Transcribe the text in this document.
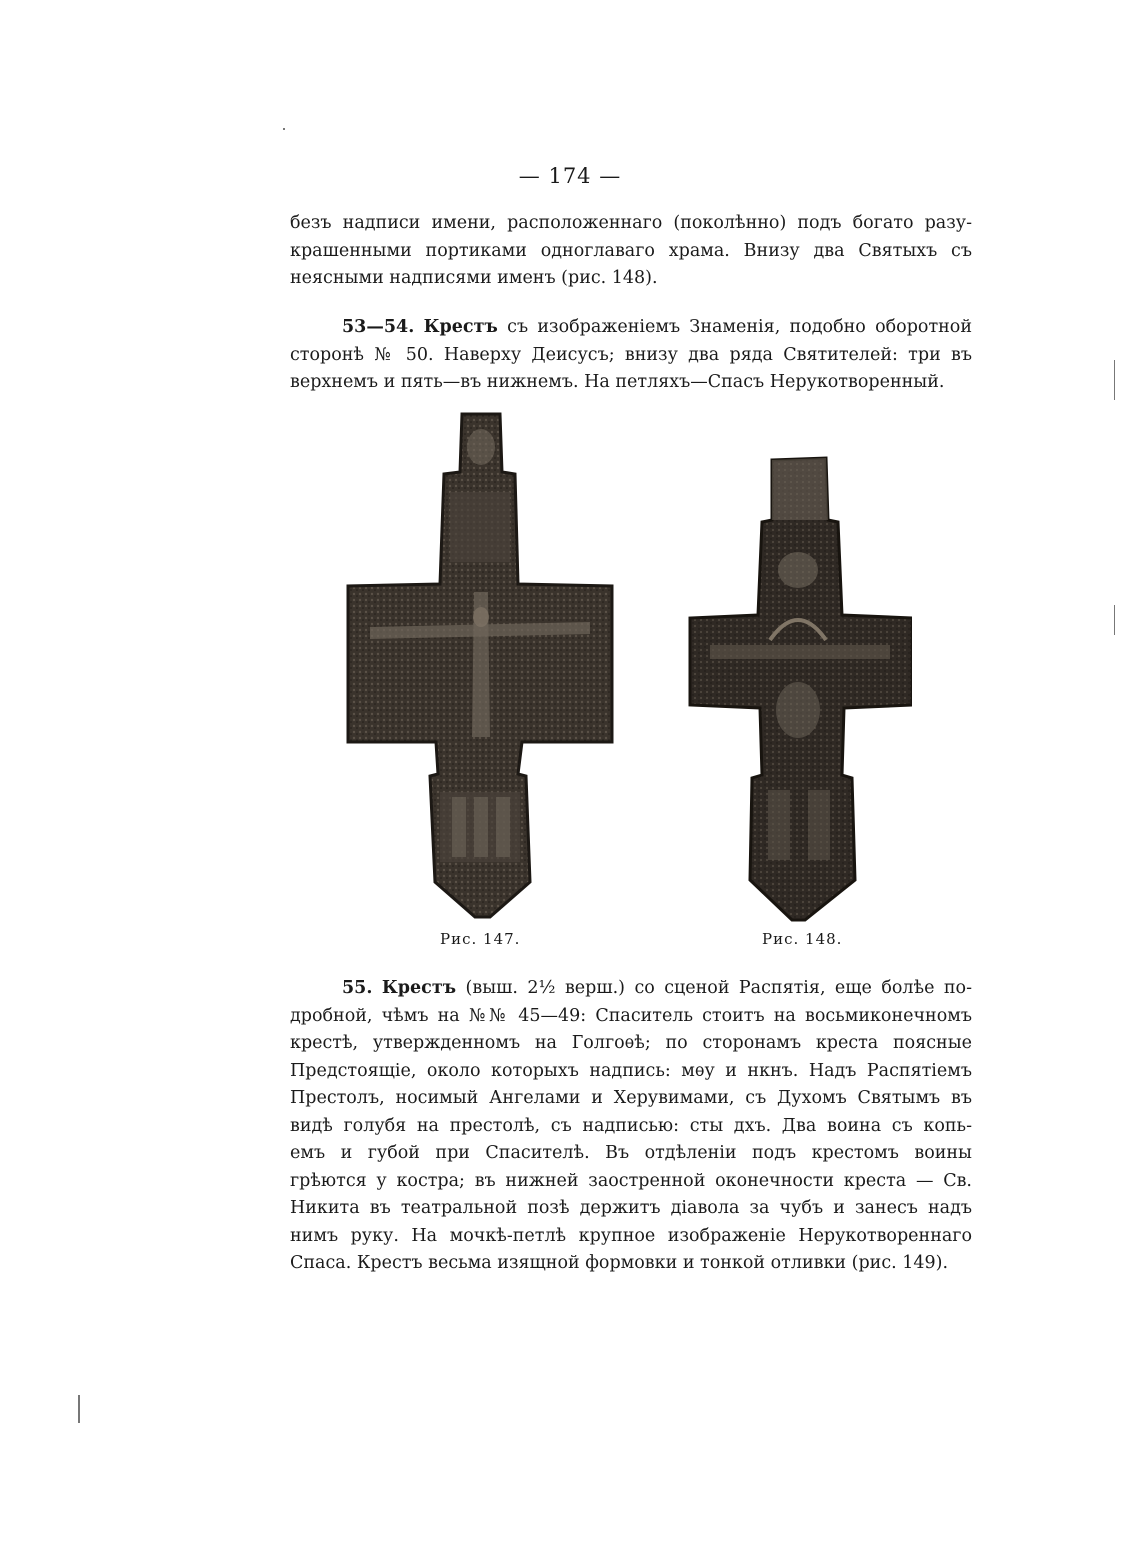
— 174 —

безъ надписи имени, расположеннаго (поколѣнно) подъ богато разу-
крашенными портиками одноглаваго храма. Внизу два Святыхъ съ
неясными надписями именъ (рис. 148).

53—54. Крестъ съ изображеніемъ Знаменія, подобно оборотной
сторонѣ № 50. Наверху Деисусъ; внизу два ряда Святителей: три въ
верхнемъ и пять—въ нижнемъ. На петляхъ—Спасъ Нерукотворенный.

Рис. 147.	Рис. 148.

55. Крестъ (выш. 2½ верш.) со сценой Распятія, еще болѣе по-
дробной, чѣмъ на №№ 45—49: Спаситель стоитъ на восьмиконечномъ
крестѣ, утвержденномъ на Голгоѳѣ; по сторонамъ креста поясные
Предстоящіе, около которыхъ надпись: мѳу и нкнъ. Надъ Распятіемъ
Престолъ, носимый Ангелами и Херувимами, съ Духомъ Святымъ въ
видѣ голубя на престолѣ, съ надписью: сты дхъ. Два воина съ копь-
емъ и губой при Спасителѣ. Въ отдѣленіи подъ крестомъ воины
грѣются у костра; въ нижней заостренной оконечности креста — Св.
Никита въ театральной позѣ держитъ діавола за чубъ и занесъ надъ
нимъ руку. На мочкѣ-петлѣ крупное изображеніе Нерукотвореннаго
Спаса. Крестъ весьма изящной формовки и тонкой отливки (рис. 149).
